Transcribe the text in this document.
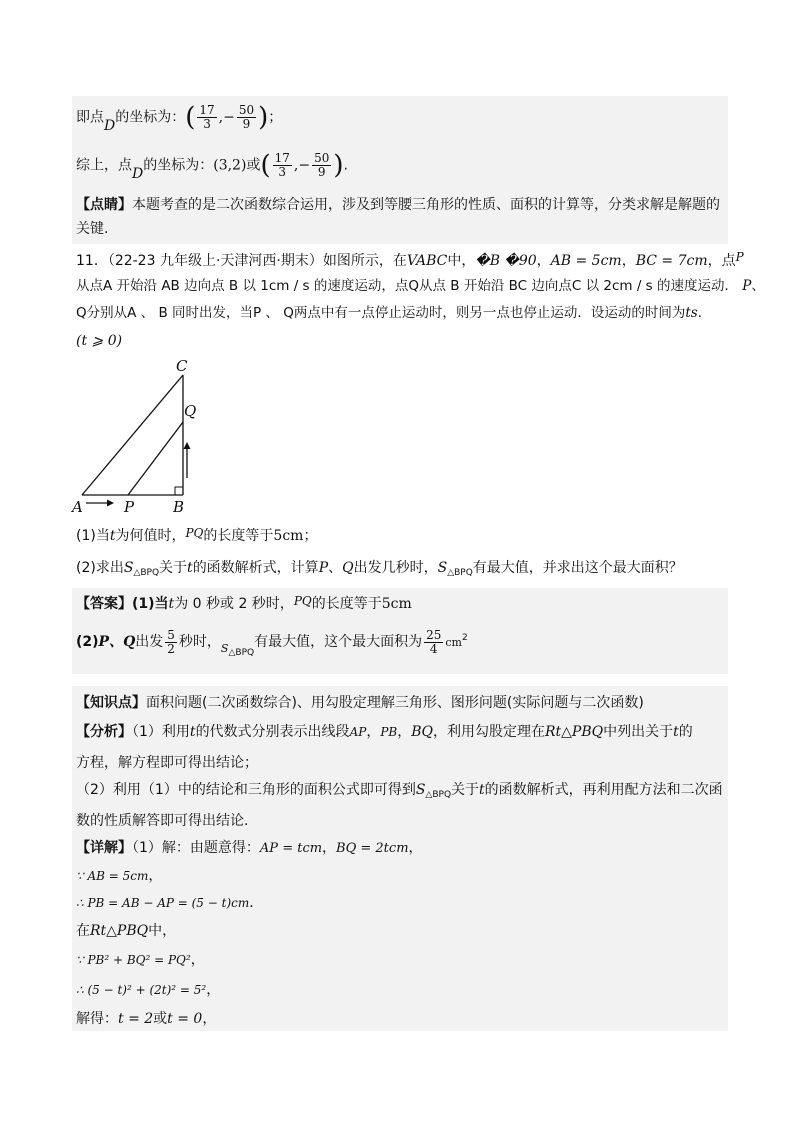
即点D的坐标为：( $\frac{17}{3}$ ,− $\frac{50}{9}$ )；
综上，点D的坐标为：(3,2)或( $\frac{17}{3}$ ,− $\frac{50}{9}$ ).
【点睛】本题考查的是二次函数综合运用，涉及到等腰三角形的性质、面积的计算等，分类求解是解题的
关键.
11．（22-23 九年级上·天津河西·期末）如图所示，在VABC中，�B �90，AB = 5cm，BC = 7cm，点P
从点A 开始沿 AB 边向点 B 以 1cm / s 的速度运动，点Q从点 B 开始沿 BC 边向点C 以 2cm / s 的速度运动． P、
Q分别从A 、 B 同时出发，当P 、 Q两点中有一点停止运动时，则另一点也停止运动．设运动的时间为ts．
(t ⩾ 0)
C
Q
A	P	B
(1)当t为何值时，PQ的长度等于5cm；
(2)求出$S_{\triangle BPQ}$关于t的函数解析式，计算P、Q出发几秒时，$S_{\triangle BPQ}$有最大值，并求出这个最大面积？
【答案】(1)当t为 0 秒或 2 秒时，PQ的长度等于5cm
(2)P、Q出发 $\frac{5}{2}$ 秒时，$_{S\triangle BPQ}$有最大值，这个最大面积为 $\frac{25}{4} cm^2$
【知识点】面积问题(二次函数综合)、用勾股定理解三角形、图形问题(实际问题与二次函数)
【分析】（1）利用t的代数式分别表示出线段AP，PB，BQ，利用勾股定理在Rt△PBQ中列出关于t的
方程，解方程即可得出结论；
（2）利用（1）中的结论和三角形的面积公式即可得到$S_{\triangle BPQ}$关于t的函数解析式，再利用配方法和二次函
数的性质解答即可得出结论.
【详解】（1）解：由题意得：AP = tcm，BQ = 2tcm，
∵ AB = 5cm，
∴ PB = AB − AP = (5 − t)cm．
在Rt△PBQ中，
∵ PB² + BQ² = PQ²，
∴ (5 − t)² + (2t)² = 5²，
解得：t = 2或t = 0，
